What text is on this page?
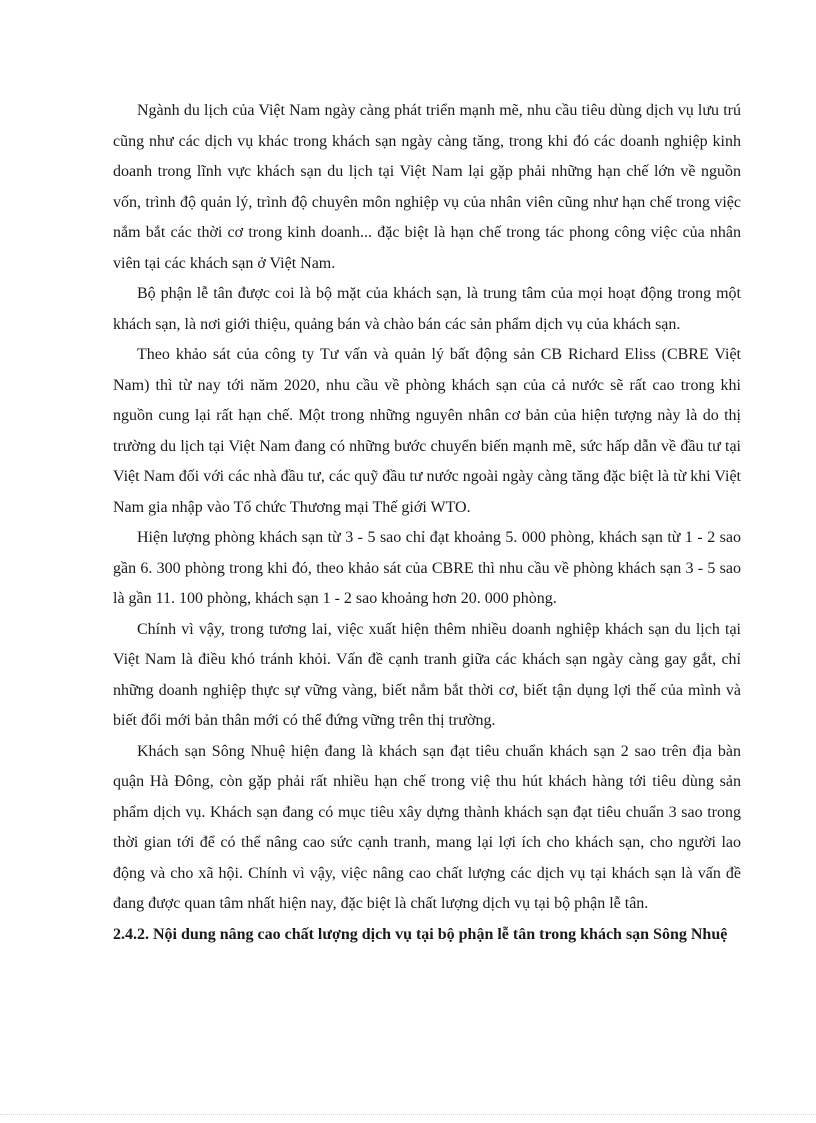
Ngành du lịch của Việt Nam ngày càng phát triển mạnh mẽ, nhu cầu tiêu dùng dịch vụ lưu trú cũng như các dịch vụ khác trong khách sạn ngày càng tăng, trong khi đó các doanh nghiệp kinh doanh trong lĩnh vực khách sạn du lịch tại Việt Nam lại gặp phải những hạn chế lớn về nguồn vốn, trình độ quản lý, trình độ chuyên môn nghiệp vụ của nhân viên cũng như hạn chế trong việc nắm bắt các thời cơ trong kinh doanh... đặc biệt là hạn chế trong tác phong công việc của nhân viên tại các khách sạn ở Việt Nam.

Bộ phận lễ tân được coi là bộ mặt của khách sạn, là trung tâm của mọi hoạt động trong một khách sạn, là nơi giới thiệu, quảng bán và chào bán các sản phẩm dịch vụ của khách sạn.

Theo khảo sát của công ty Tư vấn và quản lý bất động sản CB Richard Eliss (CBRE Việt Nam) thì từ nay tới năm 2020, nhu cầu về phòng khách sạn của cả nước sẽ rất cao trong khi nguồn cung lại rất hạn chế. Một trong những nguyên nhân cơ bản của hiện tượng này là do thị trường du lịch tại Việt Nam đang có những bước chuyển biến mạnh mẽ, sức hấp dẫn về đầu tư tại Việt Nam đối với các nhà đầu tư, các quỹ đầu tư nước ngoài ngày càng tăng đặc biệt là từ khi Việt Nam gia nhập vào Tổ chức Thương mại Thế giới WTO.

Hiện lượng phòng khách sạn từ 3 - 5 sao chỉ đạt khoảng 5. 000 phòng, khách sạn từ 1 - 2 sao gần 6. 300 phòng trong khi đó, theo khảo sát của CBRE thì nhu cầu về phòng khách sạn 3 - 5 sao là gần 11. 100 phòng, khách sạn 1 - 2 sao khoảng hơn 20. 000 phòng.

Chính vì vậy, trong tương lai, việc xuất hiện thêm nhiều doanh nghiệp khách sạn du lịch tại Việt Nam là điều khó tránh khỏi. Vấn đề cạnh tranh giữa các khách sạn ngày càng gay gắt, chỉ những doanh nghiệp thực sự vững vàng, biết nắm bắt thời cơ, biết tận dụng lợi thế của mình và biết đổi mới bản thân mới có thể đứng vững trên thị trường.

Khách sạn Sông Nhuệ hiện đang là khách sạn đạt tiêu chuẩn khách sạn 2 sao trên địa bàn quận Hà Đông, còn gặp phải rất nhiều hạn chế trong việ thu hút khách hàng tới tiêu dùng sản phẩm dịch vụ. Khách sạn đang có mục tiêu xây dựng thành khách sạn đạt tiêu chuẩn 3 sao trong thời gian tới để có thể nâng cao sức cạnh tranh, mang lại lợi ích cho khách sạn, cho người lao động và cho xã hội. Chính vì vậy, việc nâng cao chất lượng các dịch vụ tại khách sạn là vấn đề đang được quan tâm nhất hiện nay, đặc biệt là chất lượng dịch vụ tại bộ phận lễ tân.

2.4.2. Nội dung nâng cao chất lượng dịch vụ tại bộ phận lễ tân trong khách sạn Sông Nhuệ
